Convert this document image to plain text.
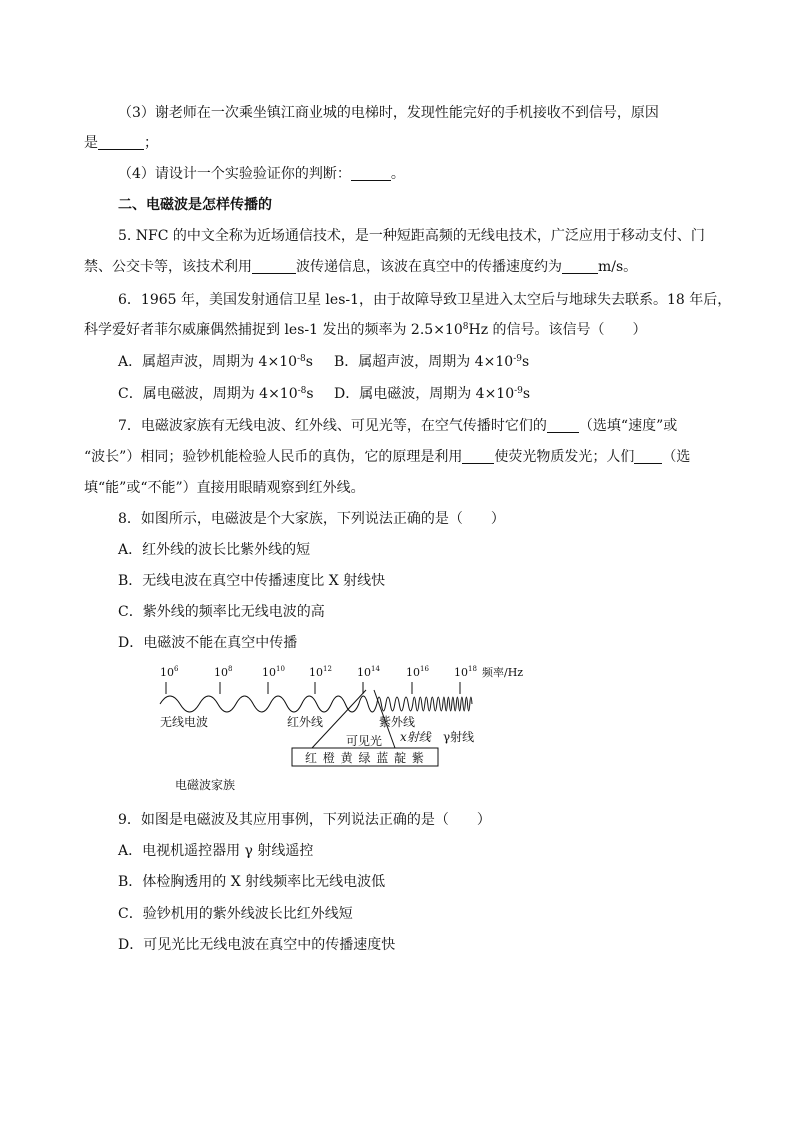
（3）谢老师在一次乘坐镇江商业城的电梯时，发现性能完好的手机接收不到信号，原因
是	；
（4）请设计一个实验验证你的判断：	。
二、电磁波是怎样传播的
5. NFC 的中文全称为近场通信技术，是一种短距高频的无线电技术，广泛应用于移动支付、门
禁、公交卡等，该技术利用	波传递信息，该波在真空中的传播速度约为	m/s。
6．1965 年，美国发射通信卫星 les-1，由于故障导致卫星进入太空后与地球失去联系。18 年后，
科学爱好者菲尔威廉偶然捕捉到 les-1 发出的频率为 $2.5\times 10^8Hz$ 的信号。该信号（　　）
A．属超声波，周期为 $4\times 10^{-8}s$ B．属超声波，周期为 $4\times 10^{-9}s$
C．属电磁波，周期为 $4\times 10^{-8}s$ D．属电磁波，周期为 $4\times 10^{-9}s$
7．电磁波家族有无线电波、红外线、可见光等，在空气传播时它们的 （选填“速度”或
“波长”）相同；验钞机能检验人民币的真伪，它的原理是利用 使荧光物质发光；人们 （选
填“能”或“不能”）直接用眼睛观察到红外线。
8．如图所示，电磁波是个大家族，下列说法正确的是（　　）
A．红外线的波长比紫外线的短
B．无线电波在真空中传播速度比 X 射线快
C．紫外线的频率比无线电波的高
D．电磁波不能在真空中传播
$10^6$	$10^8$	$10^{10}$ $10^{12}$ $10^{14}$ $10^{16}$ $10^{18}$ 频率/Hz
无线电波	红外线	紫外线
可见光 x射线 γ射线
红 橙 黄 绿 蓝 靛 紫
电磁波家族
9．如图是电磁波及其应用事例，下列说法正确的是（　　）
A．电视机遥控器用 γ 射线遥控
B．体检胸透用的 X 射线频率比无线电波低
C．验钞机用的紫外线波长比红外线短
D．可见光比无线电波在真空中的传播速度快
